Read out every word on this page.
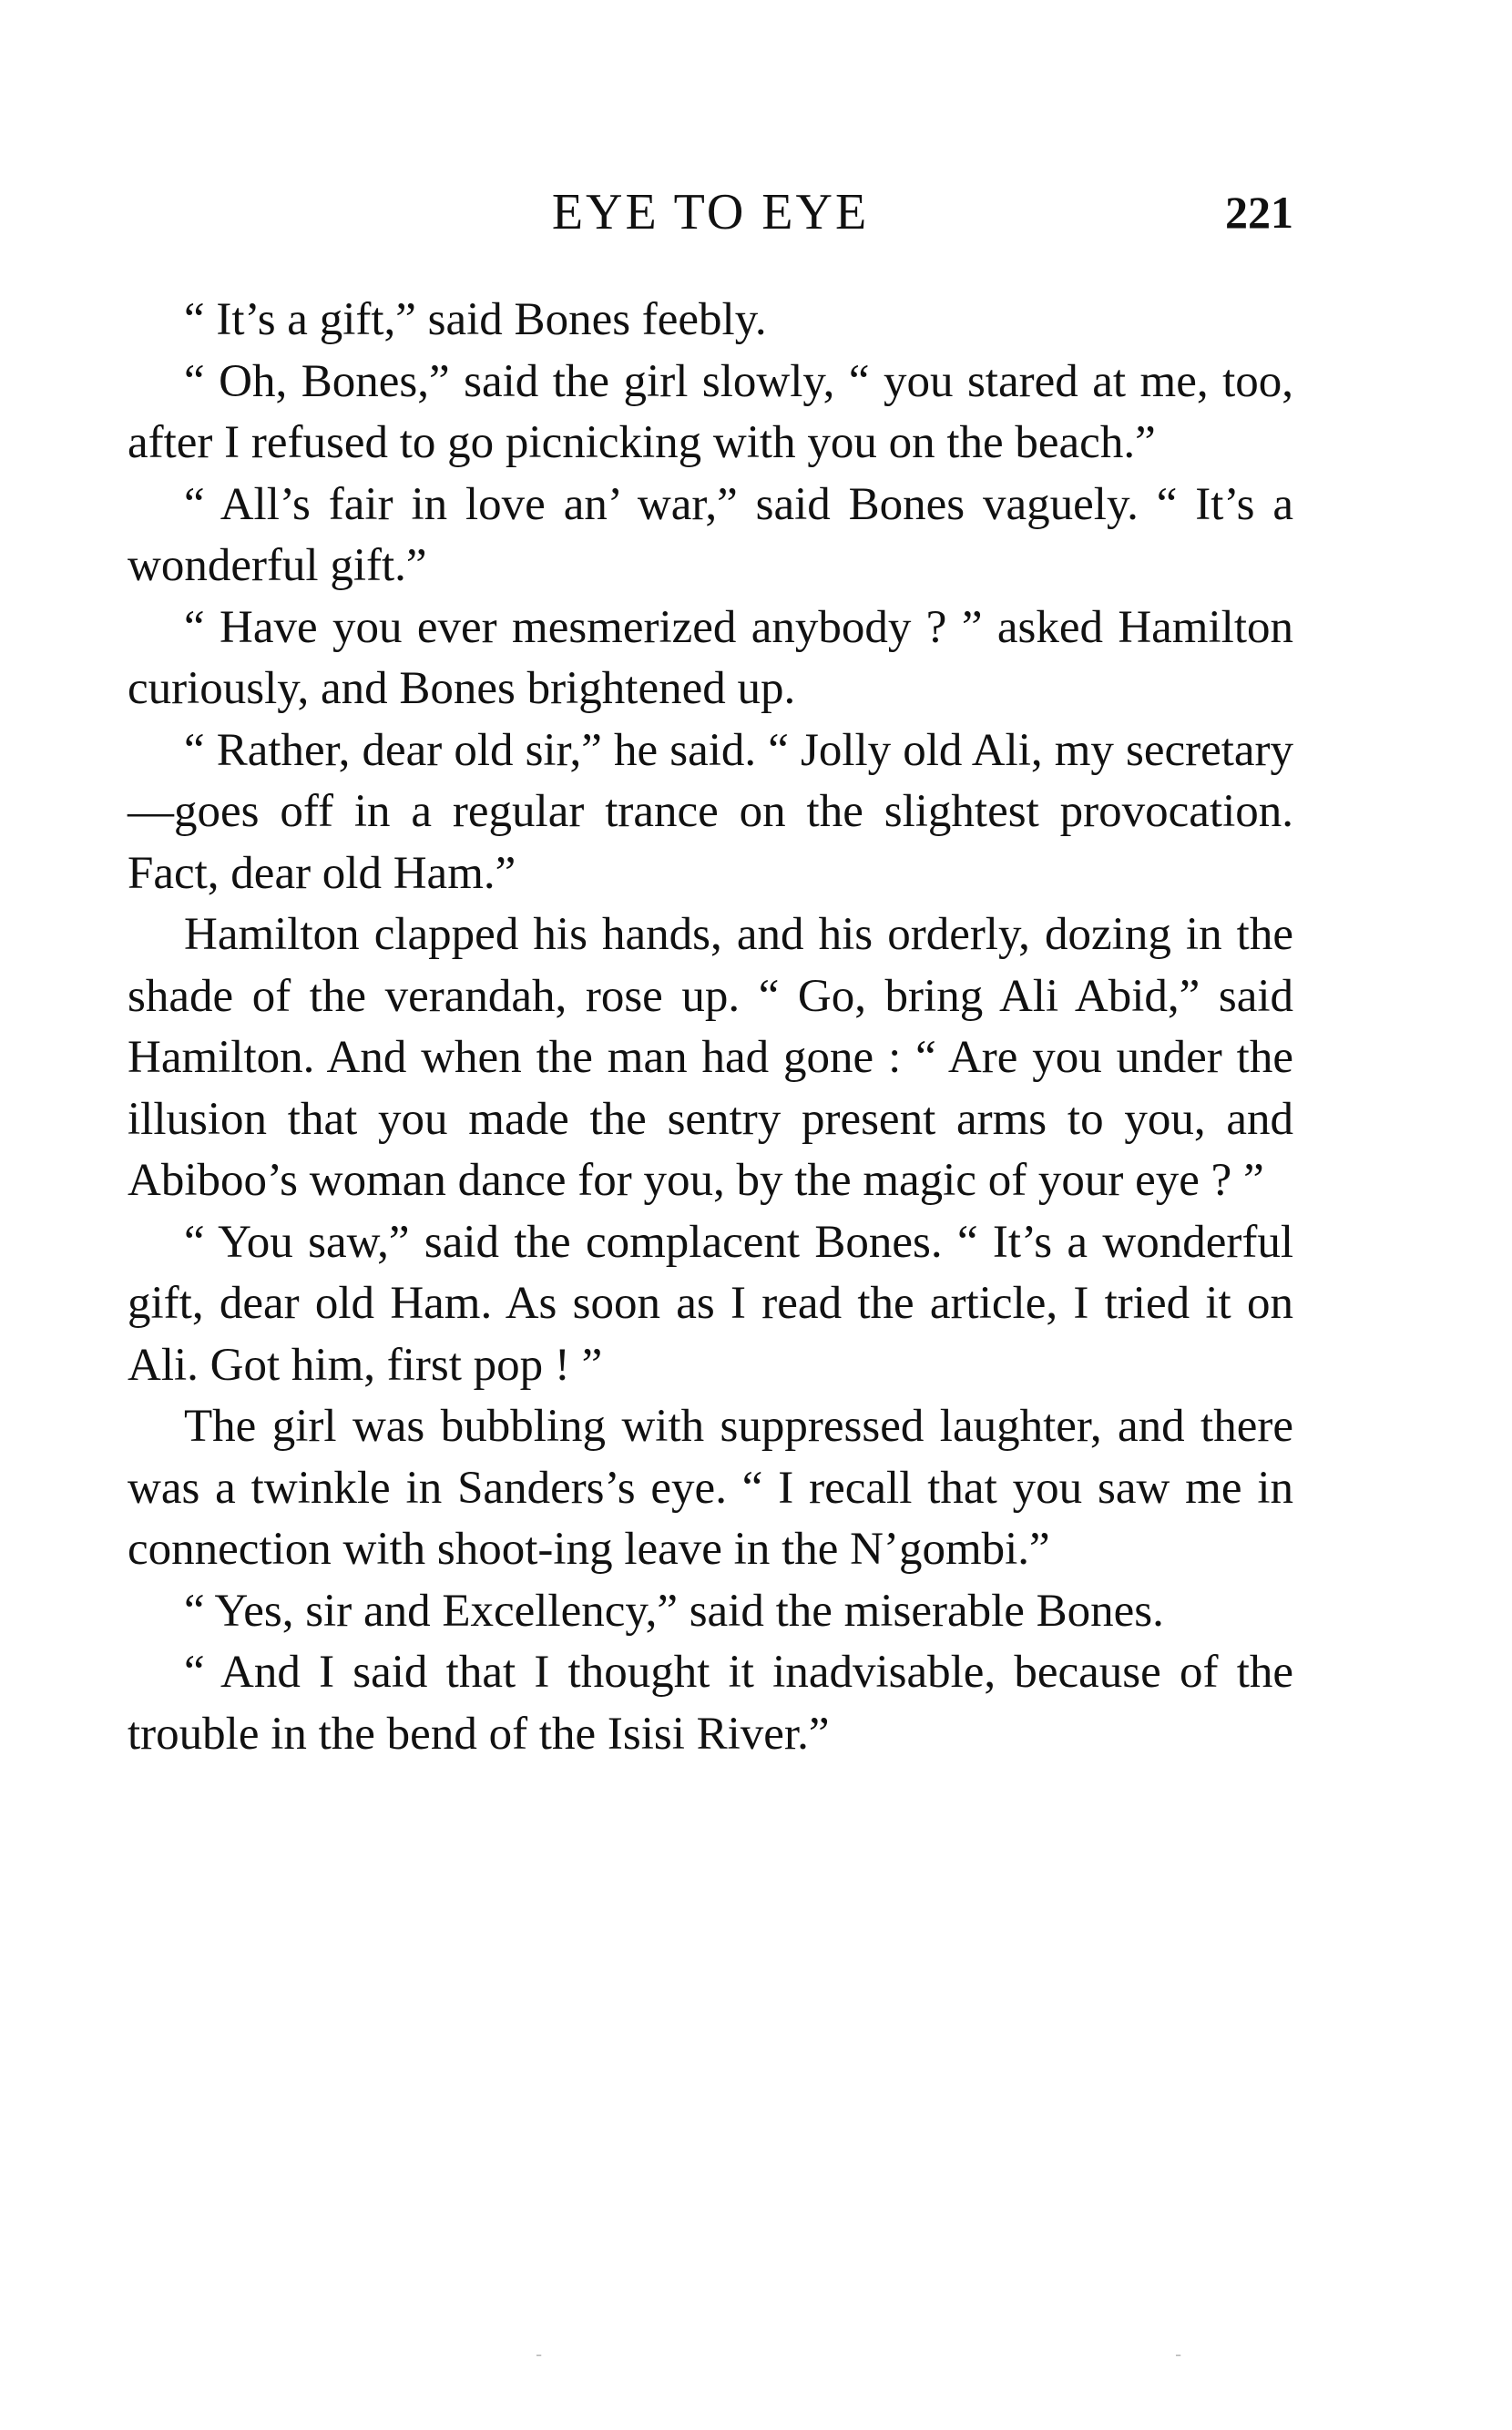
EYE TO EYE	221

“ It’s a gift,” said Bones feebly.

“ Oh, Bones,” said the girl slowly, “ you stared at me, too, after I refused to go picnicking with you on the beach.”

“ All’s fair in love an’ war,” said Bones vaguely. “ It’s a wonderful gift.”

“ Have you ever mesmerized anybody ? ” asked Hamilton curiously, and Bones brightened up.

“ Rather, dear old sir,” he said. “ Jolly old Ali, my secretary—goes off in a regular trance on the slightest provocation. Fact, dear old Ham.”

Hamilton clapped his hands, and his orderly, dozing in the shade of the verandah, rose up. “ Go, bring Ali Abid,” said Hamilton. And when the man had gone : “ Are you under the illusion that you made the sentry present arms to you, and Abiboo’s woman dance for you, by the magic of your eye ? ”

“ You saw,” said the complacent Bones. “ It’s a wonderful gift, dear old Ham. As soon as I read the article, I tried it on Ali. Got him, first pop ! ”

The girl was bubbling with suppressed laughter, and there was a twinkle in Sanders’s eye. “ I recall that you saw me in connection with shoot-ing leave in the N’gombi.”

“ Yes, sir and Excellency,” said the miserable Bones.

“ And I said that I thought it inadvisable, because of the trouble in the bend of the Isisi River.”

-	-
